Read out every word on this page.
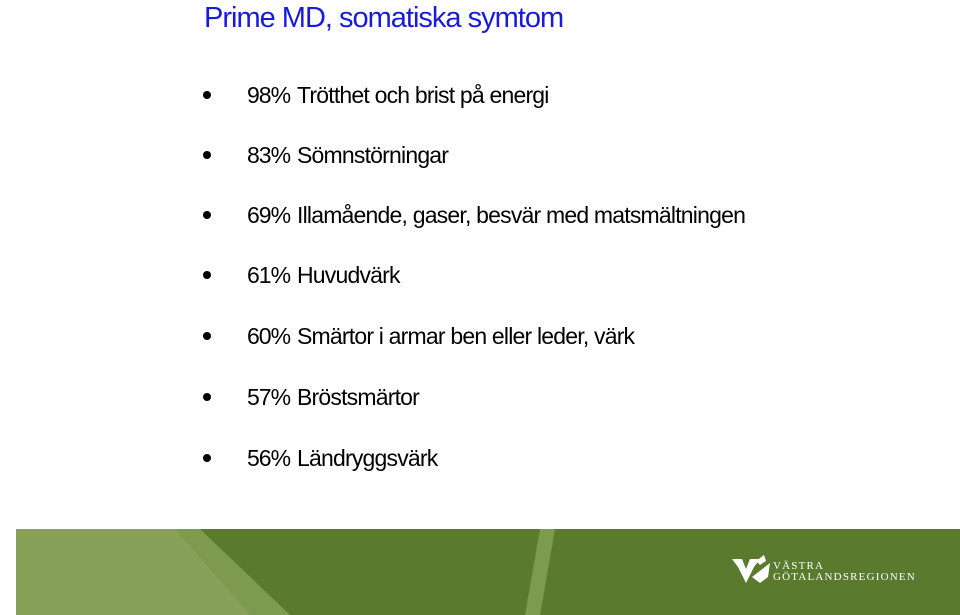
Prime MD, somatiska symtom
98% Trötthet och brist på energi
83% Sömnstörningar
69% Illamående, gaser, besvär med matsmältningen
61% Huvudvärk
60% Smärtor i armar ben eller leder, värk
57% Bröstsmärtor
56% Ländryggsvärk
VÄSTRA
GÖTALANDSREGIONEN
